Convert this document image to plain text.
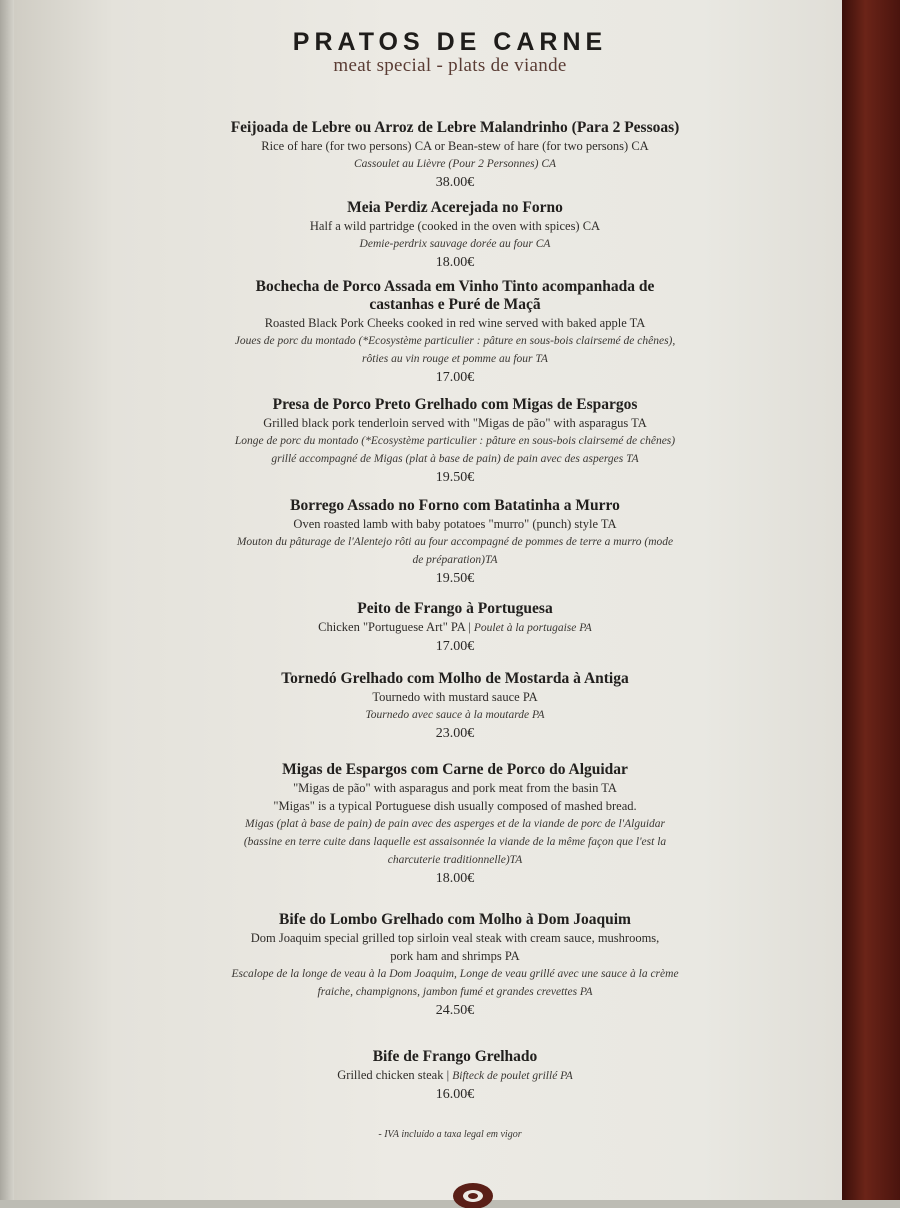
PRATOS DE CARNE
meat special - plats de viande
Feijoada de Lebre ou Arroz de Lebre Malandrinho (Para 2 Pessoas)
Rice of hare (for two persons) CA or Bean-stew of hare (for two persons) CA
Cassoulet au Lièvre (Pour 2 Personnes) CA
38.00€
Meia Perdiz Acerejada no Forno
Half a wild partridge (cooked in the oven with spices) CA
Demie-perdrix sauvage dorée au four CA
18.00€
Bochecha de Porco Assada em Vinho Tinto acompanhada de
castanhas e Puré de Maçã
Roasted Black Pork Cheeks cooked in red wine served with baked apple TA
Joues de porc du montado (*Ecosystème particulier : pâture en sous-bois clairsemé de chênes),
rôties au vin rouge et pomme au four TA
17.00€
Presa de Porco Preto Grelhado com Migas de Espargos
Grilled black pork tenderloin served with "Migas de pão" with asparagus TA
Longe de porc du montado (*Ecosystème particulier : pâture en sous-bois clairsemé de chênes)
grillé accompagné de Migas (plat à base de pain) de pain avec des asperges TA
19.50€
Borrego Assado no Forno com Batatinha a Murro
Oven roasted lamb with baby potatoes "murro" (punch) style TA
Mouton du pâturage de l'Alentejo rôti au four accompagné de pommes de terre a murro (mode
de préparation)TA
19.50€
Peito de Frango à Portuguesa
Chicken "Portuguese Art" PA | Poulet à la portugaise PA
17.00€
Tornedó Grelhado com Molho de Mostarda à Antiga
Tournedo with mustard sauce PA
Tournedo avec sauce à la moutarde PA
23.00€
Migas de Espargos com Carne de Porco do Alguidar
"Migas de pão" with asparagus and pork meat from the basin TA
"Migas" is a typical Portuguese dish usually composed of mashed bread.
Migas (plat à base de pain) de pain avec des asperges et de la viande de porc de l'Alguidar
(bassine en terre cuite dans laquelle est assaisonnée la viande de la même façon que l'est la
charcuterie traditionnelle)TA
18.00€
Bife do Lombo Grelhado com Molho à Dom Joaquim
Dom Joaquim special grilled top sirloin veal steak with cream sauce, mushrooms,
pork ham and shrimps PA
Escalope de la longe de veau à la Dom Joaquim, Longe de veau grillé avec une sauce à la crème
fraiche, champignons, jambon fumé et grandes crevettes PA
24.50€
Bife de Frango Grelhado
Grilled chicken steak | Bifteck de poulet grillé PA
16.00€
- IVA incluído a taxa legal em vigor
